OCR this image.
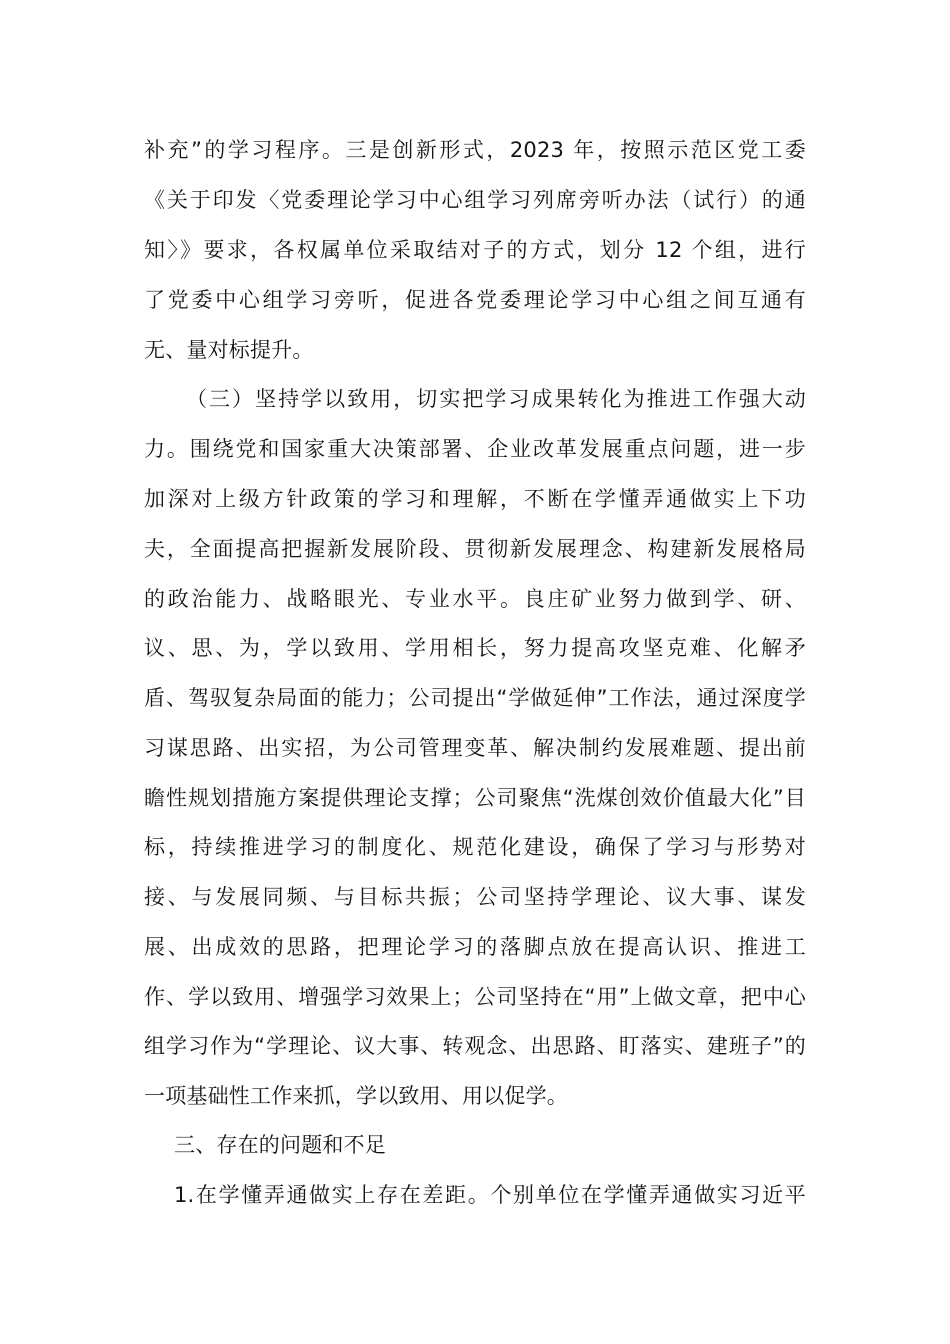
补充”的学习程序。三是创新形式，2023 年，按照示范区党工委
《关于印发〈党委理论学习中心组学习列席旁听办法（试行）的通
知〉》要求，各权属单位采取结对子的方式，划分 12 个组，进行
了党委中心组学习旁听，促进各党委理论学习中心组之间互通有
无、量对标提升。
（三）坚持学以致用，切实把学习成果转化为推进工作强大动
力。围绕党和国家重大决策部署、企业改革发展重点问题，进一步
加深对上级方针政策的学习和理解，不断在学懂弄通做实上下功
夫，全面提高把握新发展阶段、贯彻新发展理念、构建新发展格局
的政治能力、战略眼光、专业水平。良庄矿业努力做到学、研、
议、思、为，学以致用、学用相长，努力提高攻坚克难、化解矛
盾、驾驭复杂局面的能力；公司提出“学做延伸”工作法，通过深度学
习谋思路、出实招，为公司管理变革、解决制约发展难题、提出前
瞻性规划措施方案提供理论支撑；公司聚焦“洗煤创效价值最大化”目
标，持续推进学习的制度化、规范化建设，确保了学习与形势对
接、与发展同频、与目标共振；公司坚持学理论、议大事、谋发
展、出成效的思路，把理论学习的落脚点放在提高认识、推进工
作、学以致用、增强学习效果上；公司坚持在“用”上做文章，把中心
组学习作为“学理论、议大事、转观念、出思路、盯落实、建班子”的
一项基础性工作来抓，学以致用、用以促学。
三、存在的问题和不足
1.在学懂弄通做实上存在差距。个别单位在学懂弄通做实习近平
